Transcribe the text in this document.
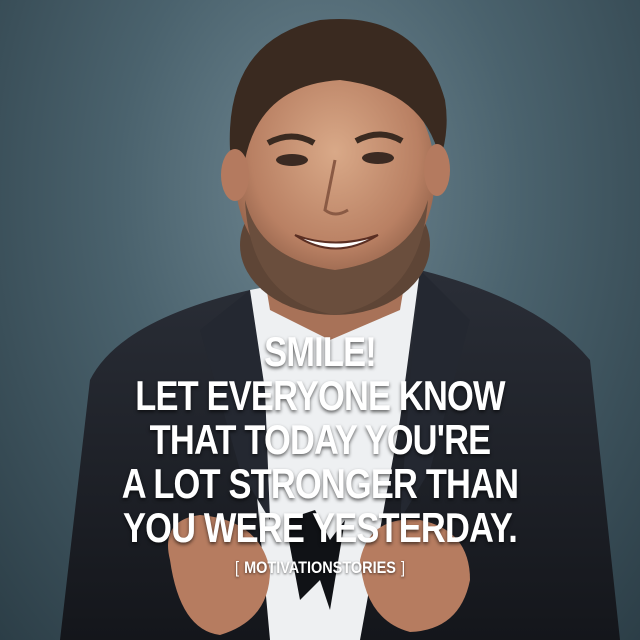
SMILE!
LET EVERYONE KNOW
THAT TODAY YOU'RE
A LOT STRONGER THAN
YOU WERE YESTERDAY.
[ MOTIVATIONSTORIES ]
